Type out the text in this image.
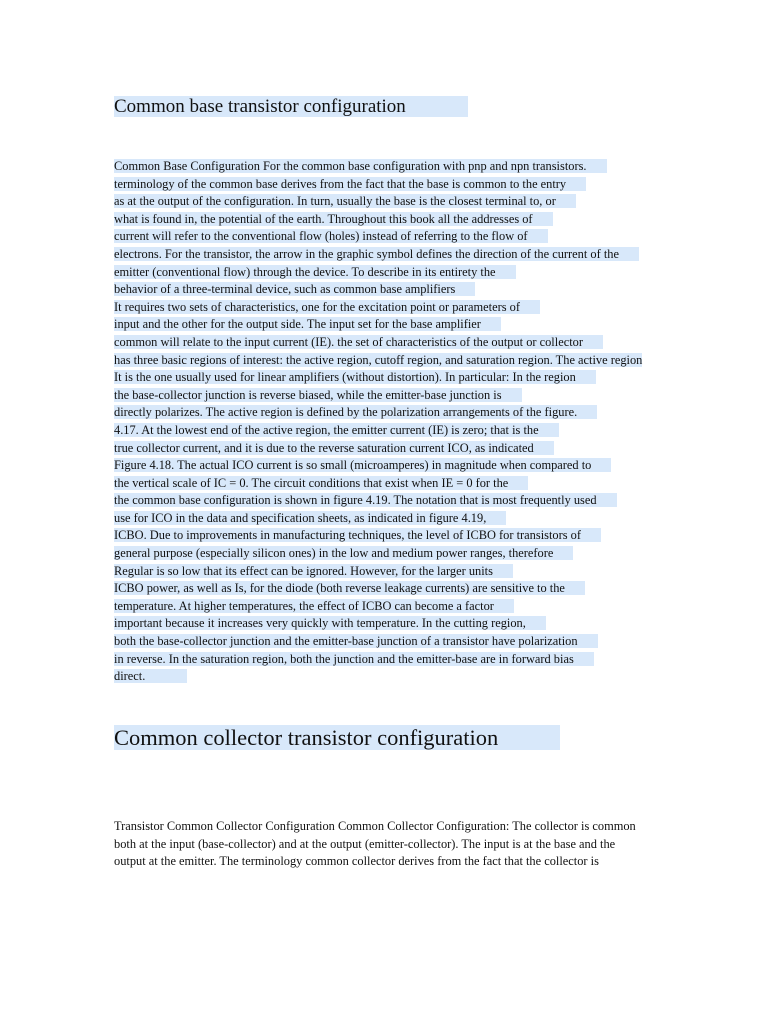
Common base transistor configuration
Common Base Configuration For the common base configuration with pnp and npn transistors.
terminology of the common base derives from the fact that the base is common to the entry
as at the output of the configuration. In turn, usually the base is the closest terminal to, or
what is found in, the potential of the earth. Throughout this book all the addresses of
current will refer to the conventional flow (holes) instead of referring to the flow of
electrons. For the transistor, the arrow in the graphic symbol defines the direction of the current of the
emitter (conventional flow) through the device. To describe in its entirety the
behavior of a three-terminal device, such as common base amplifiers
It requires two sets of characteristics, one for the excitation point or parameters of
input and the other for the output side. The input set for the base amplifier
common will relate to the input current (IE). the set of characteristics of the output or collector
has three basic regions of interest: the active region, cutoff region, and saturation region. The active region
It is the one usually used for linear amplifiers (without distortion). In particular: In the region
the base-collector junction is reverse biased, while the emitter-base junction is
directly polarizes. The active region is defined by the polarization arrangements of the figure.
4.17. At the lowest end of the active region, the emitter current (IE) is zero; that is the
true collector current, and it is due to the reverse saturation current ICO, as indicated
Figure 4.18. The actual ICO current is so small (microamperes) in magnitude when compared to
the vertical scale of IC = 0. The circuit conditions that exist when IE = 0 for the
the common base configuration is shown in figure 4.19. The notation that is most frequently used
use for ICO in the data and specification sheets, as indicated in figure 4.19,
ICBO. Due to improvements in manufacturing techniques, the level of ICBO for transistors of
general purpose (especially silicon ones) in the low and medium power ranges, therefore
Regular is so low that its effect can be ignored. However, for the larger units
ICBO power, as well as Is, for the diode (both reverse leakage currents) are sensitive to the
temperature. At higher temperatures, the effect of ICBO can become a factor
important because it increases very quickly with temperature. In the cutting region,
both the base-collector junction and the emitter-base junction of a transistor have polarization
in reverse. In the saturation region, both the junction and the emitter-base are in forward bias
direct.
Common collector transistor configuration
Transistor Common Collector Configuration Common Collector Configuration: The collector is common
both at the input (base-collector) and at the output (emitter-collector). The input is at the base and the
output at the emitter. The terminology common collector derives from the fact that the collector is
